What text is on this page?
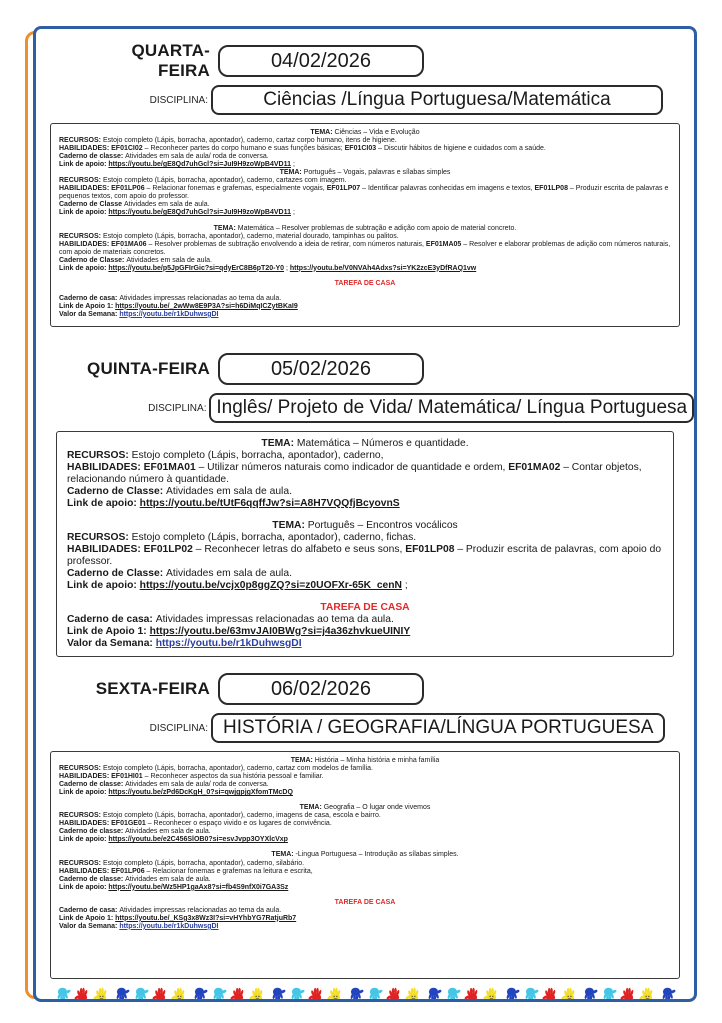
QUARTA-FEIRA	04/02/2026
DISCIPLINA:	Ciências /Língua Portuguesa/Matemática
TEMA: Ciências – Vida e Evolução
RECURSOS: Estojo completo (Lápis, borracha, apontador), caderno, cartaz corpo humano, itens de higiene.
HABILIDADES: EF01CI02 – Reconhecer partes do corpo humano e suas funções básicas; EF01CI03 – Discutir hábitos de higiene e cuidados com a saúde.
Caderno de classe: Atividades em sala de aula/ roda de conversa.
Link de apoio: https://youtu.be/gE8Qd7uhGcl?si=JuI9H9zoWpB4VD11 ;
TEMA: Português – Vogais, palavras e sílabas simples
RECURSOS: Estojo completo (Lápis, borracha, apontador), caderno, cartazes com imagem.
HABILIDADES: EF01LP06 – Relacionar fonemas e grafemas, especialmente vogais, EF01LP07 – Identificar palavras conhecidas em imagens e textos, EF01LP08 – Produzir escrita de palavras e pequenos textos, com apoio do professor.
Caderno de Classe Atividades em sala de aula.
Link de apoio: https://youtu.be/gE8Qd7uhGcl?si=JuI9H9zoWpB4VD11 ;
TEMA: Matemática – Resolver problemas de subtração e adição com apoio de material concreto.
RECURSOS: Estojo completo (Lápis, borracha, apontador), caderno, material dourado, tampinhas ou palitos.
HABILIDADES: EF01MA06 – Resolver problemas de subtração envolvendo a ideia de retirar, com números naturais, EF01MA05 – Resolver e elaborar problemas de adição com números naturais, com apoio de materiais concretos.
Caderno de Classe: Atividades em sala de aula.
Link de apoio: https://youtu.be/p5JpGFIrGic?si=qdyErC8B6pT20-Y0 ; https://youtu.be/V0NVAh4Adxs?si=YK2zcE3yDfRAQ1vw
TAREFA DE CASA
Caderno de casa: Atividades impressas relacionadas ao tema da aula.
Link de Apoio 1: https://youtu.be/_2wWw8E9P3A?si=h6DiMqICZytBKaI9
Valor da Semana: https://youtu.be/r1kDuhwsgDI
QUINTA-FEIRA	05/02/2026
DISCIPLINA: Inglês/ Projeto de Vida/ Matemática/ Língua Portuguesa
TEMA: Matemática – Números e quantidade.
RECURSOS: Estojo completo (Lápis, borracha, apontador), caderno,
HABILIDADES: EF01MA01 – Utilizar números naturais como indicador de quantidade e ordem, EF01MA02 – Contar objetos, relacionando número à quantidade.
Caderno de Classe: Atividades em sala de aula.
Link de apoio: https://youtu.be/tUtF6qqffJw?si=A8H7VQQfjBcyovnS
TEMA: Português – Encontros vocálicos
RECURSOS: Estojo completo (Lápis, borracha, apontador), caderno, fichas.
HABILIDADES: EF01LP02 – Reconhecer letras do alfabeto e seus sons, EF01LP08 – Produzir escrita de palavras, com apoio do professor.
Caderno de Classe: Atividades em sala de aula.
Link de apoio: https://youtu.be/vcjx0p8ggZQ?si=z0UOFXr-65K_cenN ;
TAREFA DE CASA
Caderno de casa: Atividades impressas relacionadas ao tema da aula.
Link de Apoio 1: https://youtu.be/63mvJAI0BWg?si=j4a36zhvkueUINIY
Valor da Semana: https://youtu.be/r1kDuhwsgDI
SEXTA-FEIRA	06/02/2026
DISCIPLINA: HISTÓRIA / GEOGRAFIA/LÍNGUA PORTUGUESA
TEMA: História – Minha história e minha família
RECURSOS: Estojo completo (Lápis, borracha, apontador), caderno, cartaz com modelos de família.
HABILIDADES: EF01HI01 – Reconhecer aspectos da sua história pessoal e familiar.
Caderno de classe: Atividades em sala de aula/ roda de conversa.
Link de apoio: https://youtu.be/zPd6DcKgH_0?si=qwjgpjgXfomTMcDQ
TEMA: Geografia – O lugar onde vivemos
RECURSOS: Estojo completo (Lápis, borracha, apontador), caderno, imagens de casa, escola e bairro.
HABILIDADES: EF01GE01 – Reconhecer o espaço vivido e os lugares de convivência.
Caderno de classe: Atividades em sala de aula.
Link de apoio: https://youtu.be/e2C456SlOB0?si=esvJvpp3OYXlcVxp
TEMA: -Lingua Portuguesa – Introdução as sílabas simples.
RECURSOS: Estojo completo (Lápis, borracha, apontador), caderno, silabário.
HABILIDADES: EF01LP06 – Relacionar fonemas e grafemas na leitura e escrita,
Caderno de classe: Atividades em sala de aula.
Link de apoio: https://youtu.be/Wz5HP1gaAx8?si=fb4S9nfX0i7GA3Sz
TAREFA DE CASA
Caderno de casa: Atividades impressas relacionadas ao tema da aula.
Link de Apoio 1: https://youtu.be/_KSg3x8Wz3I?si=vHYhbYG7RatjuRb7
Valor da Semana: https://youtu.be/r1kDuhwsgDI
